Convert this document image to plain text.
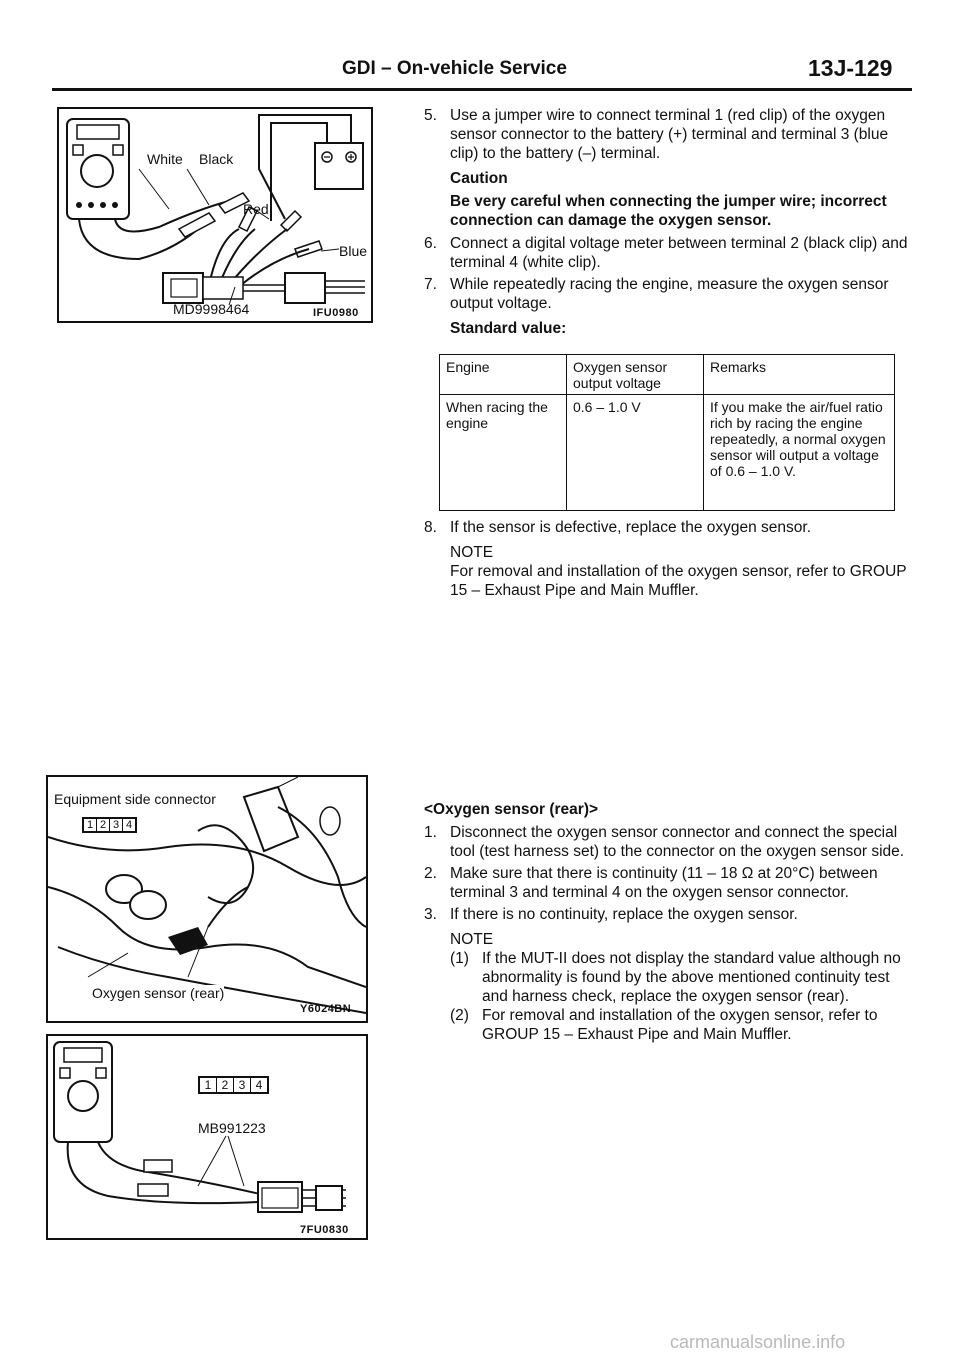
GDI – On-vehicle Service	13J-129
White Black
Red
Blue
MD9998464	IFU0980
5. Use a jumper wire to connect terminal 1 (red clip) of the oxygen sensor connector to the battery (+) terminal and terminal 3 (blue clip) to the battery (–) terminal.
Caution
Be very careful when connecting the jumper wire; incorrect connection can damage the oxygen sensor.
6. Connect a digital voltage meter between terminal 2 (black clip) and terminal 4 (white clip).
7. While repeatedly racing the engine, measure the oxygen sensor output voltage.
Standard value:
Engine	Oxygen sensor output voltage	Remarks
When racing the engine	0.6 – 1.0 V	If you make the air/fuel ratio rich by racing the engine repeatedly, a normal oxygen sensor will output a voltage of 0.6 – 1.0 V.
8. If the sensor is defective, replace the oxygen sensor.
NOTE
For removal and installation of the oxygen sensor, refer to GROUP 15 – Exhaust Pipe and Main Muffler.
Equipment side connector
1 2 3 4
Oxygen sensor (rear)
Y6024BN
1 2 3 4
MB991223
7FU0830
<Oxygen sensor (rear)>
1. Disconnect the oxygen sensor connector and connect the special tool (test harness set) to the connector on the oxygen sensor side.
2. Make sure that there is continuity (11 – 18 Ω at 20°C) between terminal 3 and terminal 4 on the oxygen sensor connector.
3. If there is no continuity, replace the oxygen sensor.
NOTE
(1) If the MUT-II does not display the standard value although no abnormality is found by the above mentioned continuity test and harness check, replace the oxygen sensor (rear).
(2) For removal and installation of the oxygen sensor, refer to GROUP 15 – Exhaust Pipe and Main Muffler.
carmanualsonline.info
